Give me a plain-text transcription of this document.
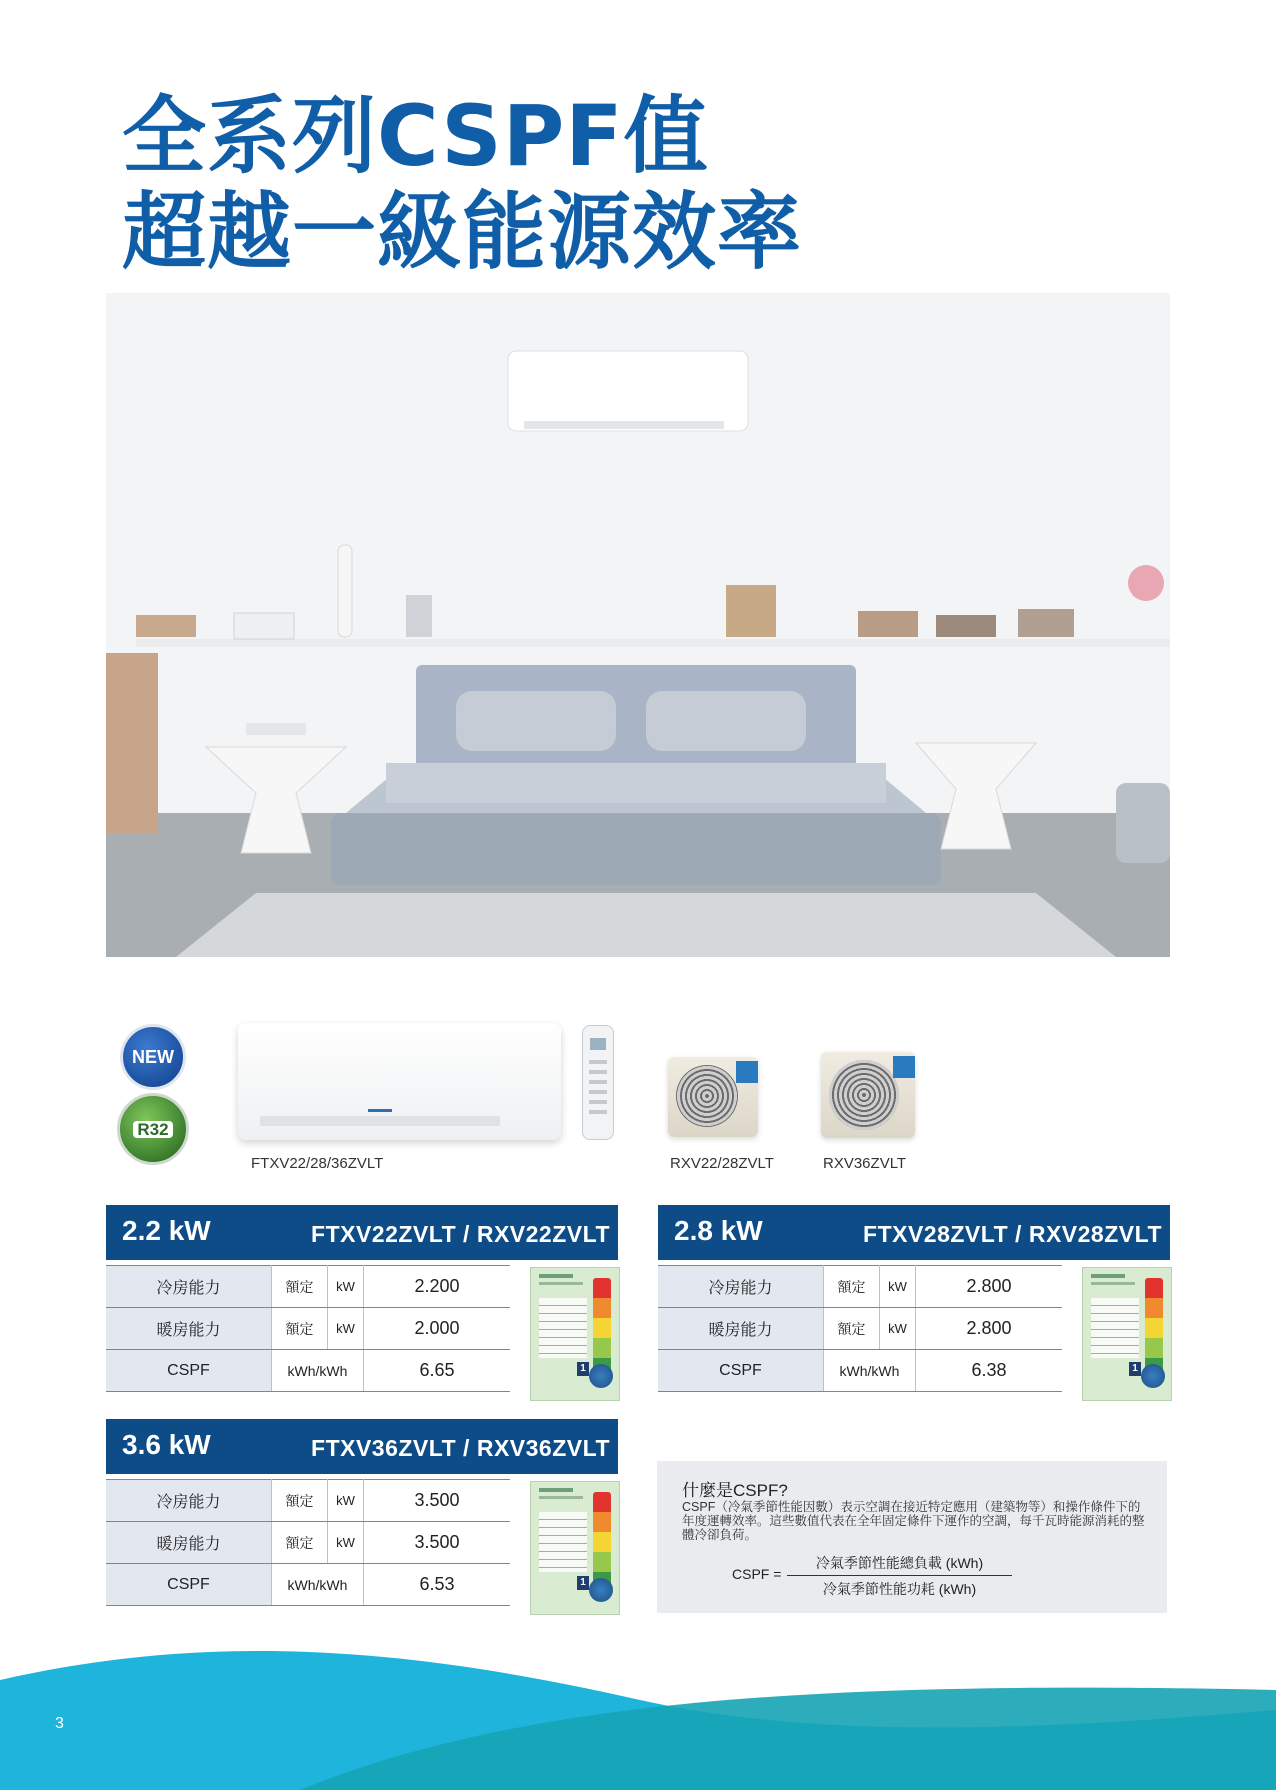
全系列CSPF值
超越一級能源效率
NEW
R32
FTXV22/28/36ZVLT	RXV22/28ZVLT	RXV36ZVLT
2.2 kW	FTXV22ZVLT / RXV22ZVLT
冷房能力	額定	kW	2.200
暖房能力	額定	kW	2.000
CSPF	kWh/kWh		6.65	1
2.8 kW	FTXV28ZVLT / RXV28ZVLT
冷房能力	額定	kW	2.800
暖房能力	額定	kW	2.800
CSPF	kWh/kWh		6.38	1
3.6 kW	FTXV36ZVLT / RXV36ZVLT
冷房能力	額定	kW	3.500
暖房能力	額定	kW	3.500
CSPF	kWh/kWh		6.53	1
什麼是CSPF?
CSPF（冷氣季節性能因數）表示空調在接近特定應用（建築物等）和操作條件下的年度運轉效率。這些數值代表在全年固定條件下運作的空調，每千瓦時能源消耗的整體冷卻負荷。
CSPF =
冷氣季節性能總負載 (kWh)
冷氣季節性能功耗 (kWh)
3
